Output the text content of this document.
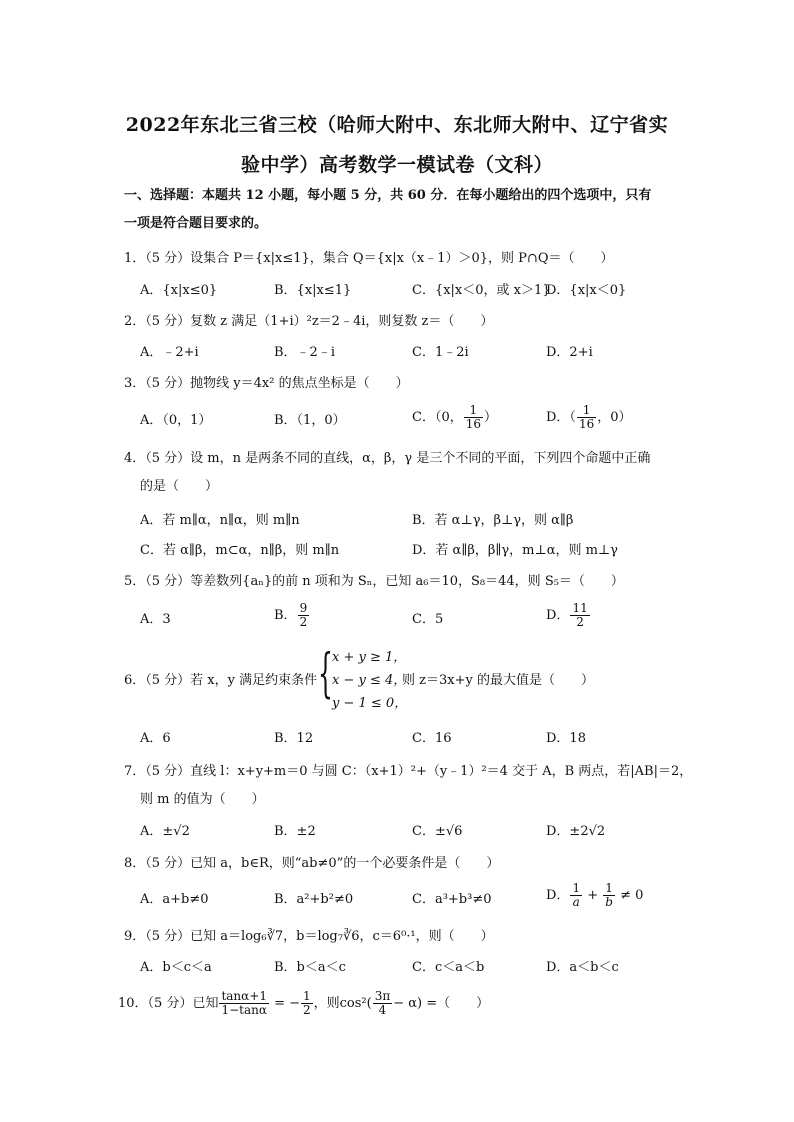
2022年东北三省三校（哈师大附中、东北师大附中、辽宁省实
验中学）高考数学一模试卷（文科）
一、选择题：本题共 12 小题，每小题 5 分，共 60 分．在每小题给出的四个选项中，只有
一项是符合题目要求的。
1．（5 分）设集合 P＝{x|x≤1}，集合 Q＝{x|x（x﹣1）＞0}，则 P∩Q＝（　　）
A．{x|x≤0}	B．{x|x≤1}	C．{x|x＜0，或 x＞1}
D．{x|x＜0}
2．（5 分）复数 z 满足（1+i）²z＝2﹣4i，则复数 z＝（　　）
A．﹣2+i	B．﹣2﹣i	C．1﹣2i	D．2+i
3．（5 分）抛物线 y＝4x² 的焦点坐标是（　　）
A．（0，1）	B．（1，0）	C．（0， $\frac{1}{16}$ ）	D．（ $\frac{1}{16}$ ，0）
4．（5 分）设 m，n 是两条不同的直线，α，β，γ 是三个不同的平面，下列四个命题中正确
的是（　　）
A．若 m∥α，n∥α，则 m∥n	B．若 α⊥γ，β⊥γ，则 α∥β
C．若 α∥β，m⊂α，n∥β，则 m∥n	D．若 α∥β，β∥γ，m⊥α，则 m⊥γ
5．（5 分）等差数列{aₙ}的前 n 项和为 Sₙ，已知 a₆＝10，S₈＝44，则 S₅＝（　　）
A．3	B． $\frac{9}{2}$	C．5	D． $\frac{11}{2}$
6．（5 分）若 x，y 满足约束条件 { x + y ≥ 1，
x − y ≤ 4，
y − 1 ≤ 0，
则 z＝3x+y 的最大值是（　　）
A．6	B．12	C．16	D．18
7．（5 分）直线 l：x+y+m＝0 与圆 C：（x+1）²+（y﹣1）²＝4 交于 A，B 两点，若|AB|＝2，
则 m 的值为（　　）
A．±√2	B．±2	C．±√6	D．±2√2
8．（5 分）已知 a，b∈R，则“ab≠0”的一个必要条件是（　　）
A．a+b≠0	B．a²+b²≠0	C．a³+b³≠0	D． $\frac{1}{a} + \frac{1}{b} \ne 0$
9．（5 分）已知 a＝log₆∛7，b＝log₇∛6，c＝6⁰·¹，则（　　）
A．b＜c＜a	B．b＜a＜c	C．c＜a＜b	D．a＜b＜c
10．（5 分）已知 $\frac{\tan\alpha+1}{1-\tan\alpha}$ = − $\frac{1}{2}$ ，则$\cos^2( \frac{3\pi}{4} - \alpha)$ =（　　）
